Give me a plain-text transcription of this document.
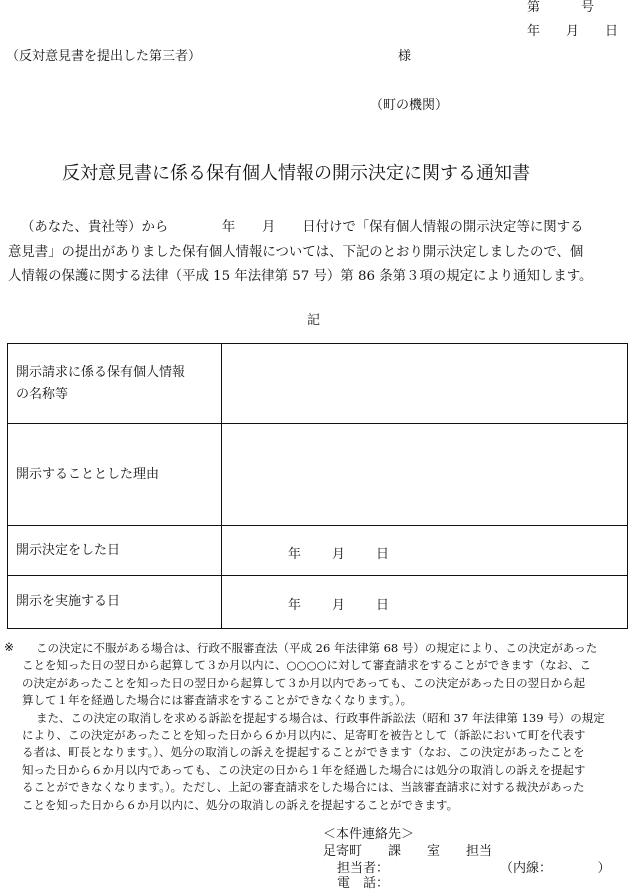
第　　　号
年　　月　　日
（反対意見書を提出した第三者）	様
（町の機関）
反対意見書に係る保有個人情報の開示決定に関する通知書
（あなた、貴社等）から　　　　年　　月　　日付けで「保有個人情報の開示決定等に関する
意見書」の提出がありました保有個人情報については、下記のとおり開示決定しましたので、個
人情報の保護に関する法律（平成 15 年法律第 57 号）第 86 条第３項の規定により通知します。
記
開示請求に係る保有個人情報
の名称等	

開示することとした理由	
開示決定をした日	年 月 日

開示を実施する日	年 月 日
※	この決定に不服がある場合は、行政不服審査法（平成 26 年法律第 68 号）の規定により、この決定があった
ことを知った日の翌日から起算して３か月以内に、○○○○に対して審査請求をすることができます（なお、こ
の決定があったことを知った日の翌日から起算して３か月以内であっても、この決定があった日の翌日から起
算して１年を経過した場合には審査請求をすることができなくなります。）。
また、この決定の取消しを求める訴訟を提起する場合は、行政事件訴訟法（昭和 37 年法律第 139 号）の規定
により、この決定があったことを知った日から６か月以内に、足寄町を被告として（訴訟において町を代表す
る者は、町長となります。）、処分の取消しの訴えを提起することができます（なお、この決定があったことを
知った日から６か月以内であっても、この決定の日から１年を経過した場合には処分の取消しの訴えを提起す
ることができなくなります。）。ただし、上記の審査請求をした場合には、当該審査請求に対する裁決があった
ことを知った日から６か月以内に、処分の取消しの訴えを提起することができます。
＜本件連絡先＞
足寄町　　課　　室　　担当
担当者：	（内線：　　　　）
電　話：
